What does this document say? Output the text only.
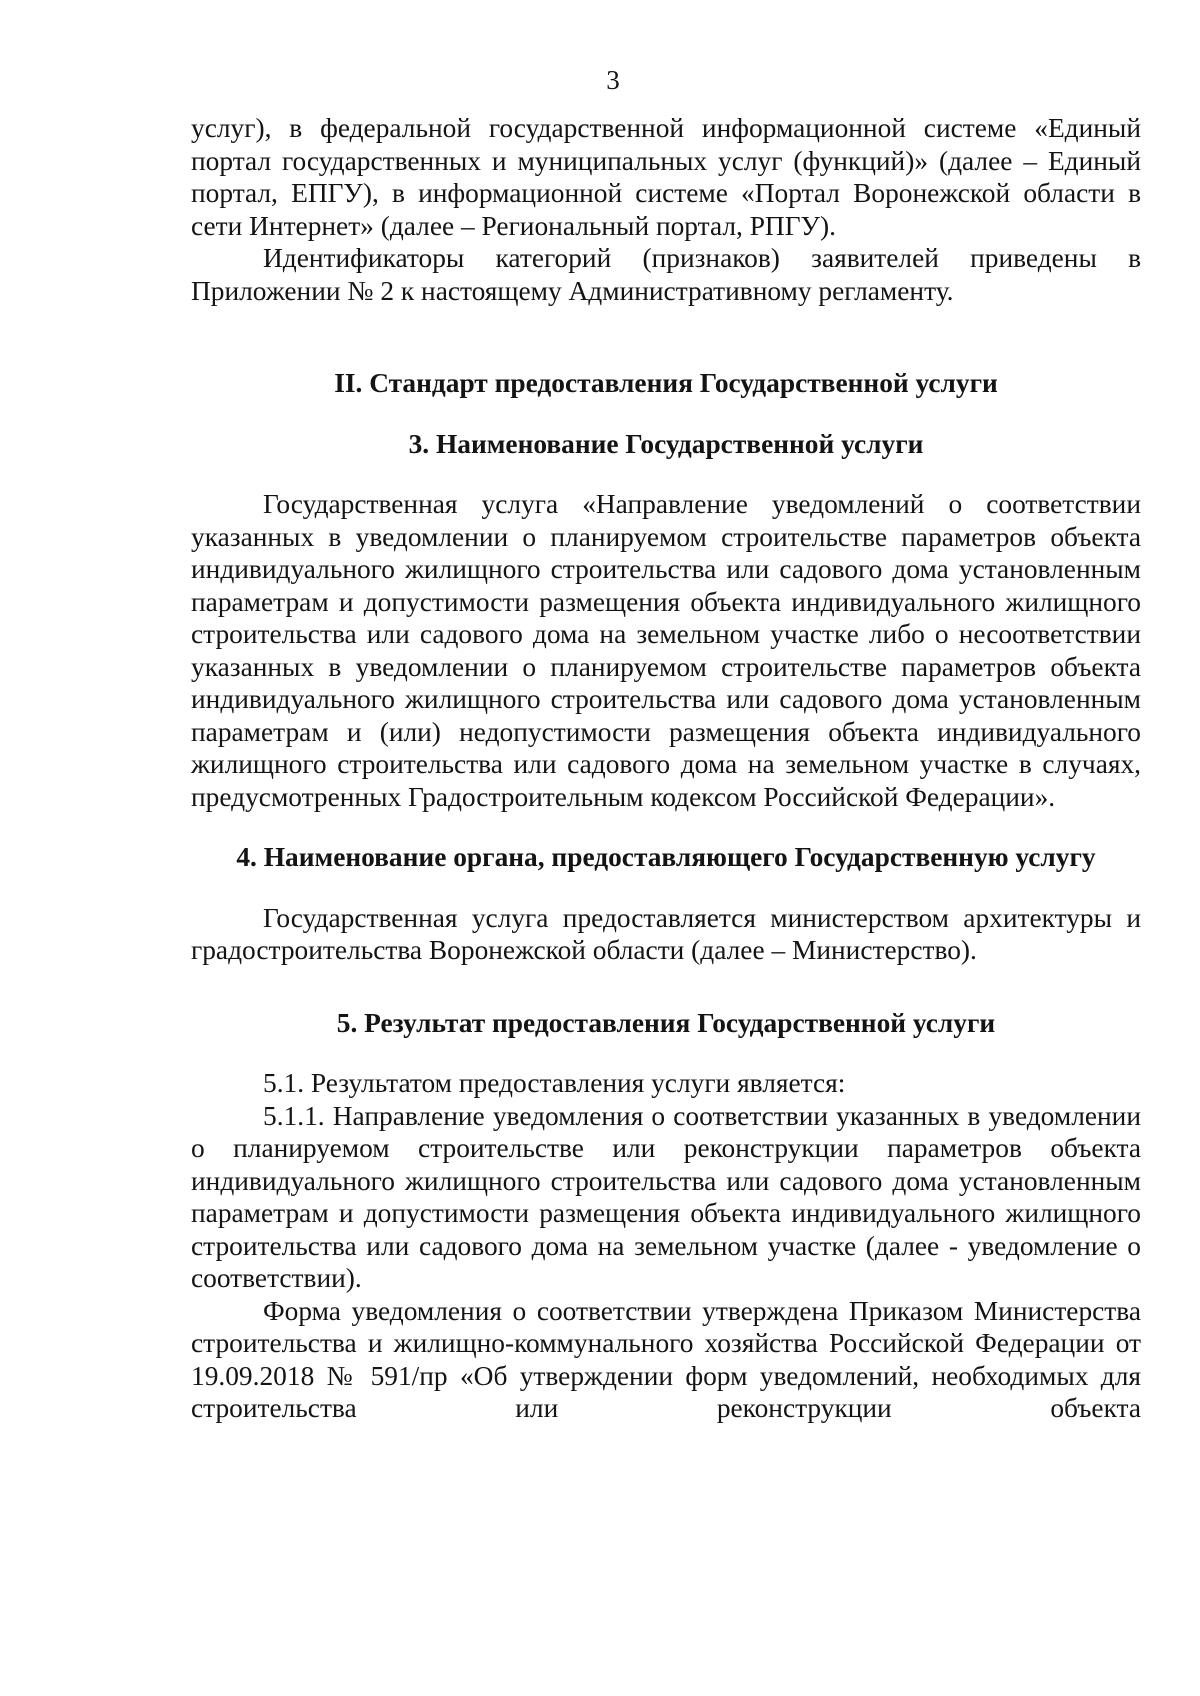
3

услуг), в федеральной государственной информационной системе «Единый портал государственных и муниципальных услуг (функций)» (далее – Единый портал, ЕПГУ), в информационной системе «Портал Воронежской области в сети Интернет» (далее – Региональный портал, РПГУ).

Идентификаторы категорий (признаков) заявителей приведены в Приложении № 2 к настоящему Административному регламенту.

II. Стандарт предоставления Государственной услуги
3. Наименование Государственной услуги

Государственная услуга «Направление уведомлений о соответствии указанных в уведомлении о планируемом строительстве параметров объекта индивидуального жилищного строительства или садового дома установленным параметрам и допустимости размещения объекта индивидуального жилищного строительства или садового дома на земельном участке либо о несоответствии указанных в уведомлении о планируемом строительстве параметров объекта индивидуального жилищного строительства или садового дома установленным параметрам и (или) недопустимости размещения объекта индивидуального жилищного строительства или садового дома на земельном участке в случаях, предусмотренных Градостроительным кодексом Российской Федерации».

4. Наименование органа, предоставляющего Государственную услугу

Государственная услуга предоставляется министерством архитектуры и градостроительства Воронежской области (далее – Министерство).

5. Результат предоставления Государственной услуги

5.1. Результатом предоставления услуги является:

5.1.1. Направление уведомления о соответствии указанных в уведомлении о планируемом строительстве или реконструкции параметров объекта индивидуального жилищного строительства или садового дома установленным параметрам и допустимости размещения объекта индивидуального жилищного строительства или садового дома на земельном участке (далее - уведомление о соответствии).

Форма уведомления о соответствии утверждена Приказом Министерства строительства и жилищно-коммунального хозяйства Российской Федерации от 19.09.2018 № 591/пр «Об утверждении форм уведомлений, необходимых для строительства или реконструкции объекта
